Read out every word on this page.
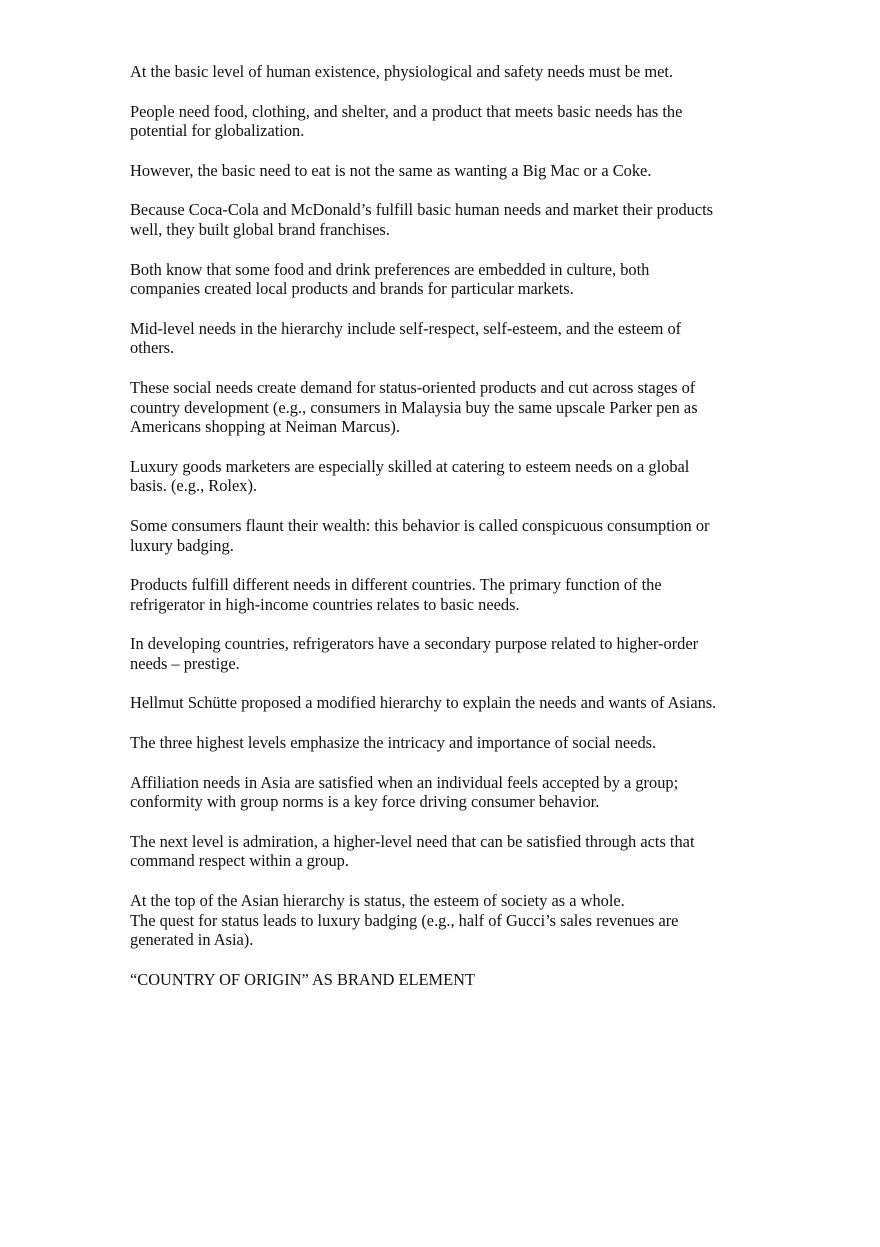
At the basic level of human existence, physiological and safety needs must be met.

People need food, clothing, and shelter, and a product that meets basic needs has the
potential for globalization.

However, the basic need to eat is not the same as wanting a Big Mac or a Coke.

Because Coca-Cola and McDonald’s fulfill basic human needs and market their products
well, they built global brand franchises.

Both know that some food and drink preferences are embedded in culture, both
companies created local products and brands for particular markets.

Mid-level needs in the hierarchy include self-respect, self-esteem, and the esteem of
others.

These social needs create demand for status-oriented products and cut across stages of
country development (e.g., consumers in Malaysia buy the same upscale Parker pen as
Americans shopping at Neiman Marcus).

Luxury goods marketers are especially skilled at catering to esteem needs on a global
basis. (e.g., Rolex).

Some consumers flaunt their wealth: this behavior is called conspicuous consumption or
luxury badging.

Products fulfill different needs in different countries. The primary function of the
refrigerator in high-income countries relates to basic needs.

In developing countries, refrigerators have a secondary purpose related to higher-order
needs – prestige.

Hellmut Schütte proposed a modified hierarchy to explain the needs and wants of Asians.

The three highest levels emphasize the intricacy and importance of social needs.

Affiliation needs in Asia are satisfied when an individual feels accepted by a group;
conformity with group norms is a key force driving consumer behavior.

The next level is admiration, a higher-level need that can be satisfied through acts that
command respect within a group.

At the top of the Asian hierarchy is status, the esteem of society as a whole.
The quest for status leads to luxury badging (e.g., half of Gucci’s sales revenues are
generated in Asia).

“COUNTRY OF ORIGIN” AS BRAND ELEMENT
